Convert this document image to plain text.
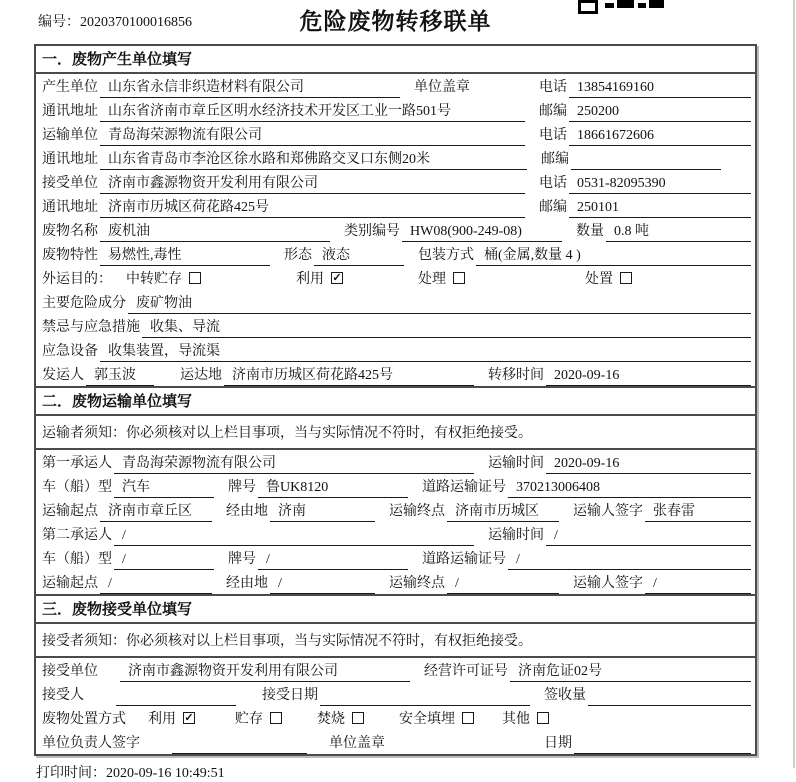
编号：2020370100016856	危险废物转移联单
一．废物产生单位填写
产生单位 山东省永信非织造材料有限公司	单位盖章	电话 13854169160
通讯地址 山东省济南市章丘区明水经济技术开发区工业一路501号	邮编 250200
运输单位 青岛海荣源物流有限公司	电话 18661672606
通讯地址 山东省青岛市李沧区徐水路和郑佛路交叉口东侧20米	邮编
接受单位 济南市鑫源物资开发利用有限公司	电话 0531-82095390
通讯地址 济南市历城区荷花路425号	邮编 250101
废物名称 废机油	类别编号 HW08(900-249-08)	数量 0.8 吨
废物特性 易燃性,毒性	形态 液态	包装方式 桶(金属,数量 4 )
外运目的： 中转贮存	利用 ✓	处理	处置
主要危险成分 废矿物油
禁忌与应急措施 收集、导流
应急设备 收集装置，导流渠
发运人 郭玉波	运达地 济南市历城区荷花路425号	转移时间 2020-09-16
二．废物运输单位填写
运输者须知：你必须核对以上栏目事项，当与实际情况不符时，有权拒绝接受。
第一承运人 青岛海荣源物流有限公司	运输时间 2020-09-16
车（船）型 汽车	牌号 鲁UK8120	道路运输证号 370213006408
运输起点 济南市章丘区	经由地 济南	运输终点 济南市历城区	运输人签字 张春雷
第二承运人 /	运输时间 /
车（船）型 /	牌号 /	道路运输证号 /
运输起点 /	经由地 /	运输终点 /	运输人签字 /
三．废物接受单位填写
接受者须知：你必须核对以上栏目事项，当与实际情况不符时，有权拒绝接受。
接受单位	济南市鑫源物资开发利用有限公司	经营许可证号 济南危证02号
接受人	接受日期	签收量
废物处置方式 利用 ✓	贮存	焚烧	安全填埋	其他
单位负责人签字	单位盖章	日期
打印时间：2020-09-16 10:49:51
